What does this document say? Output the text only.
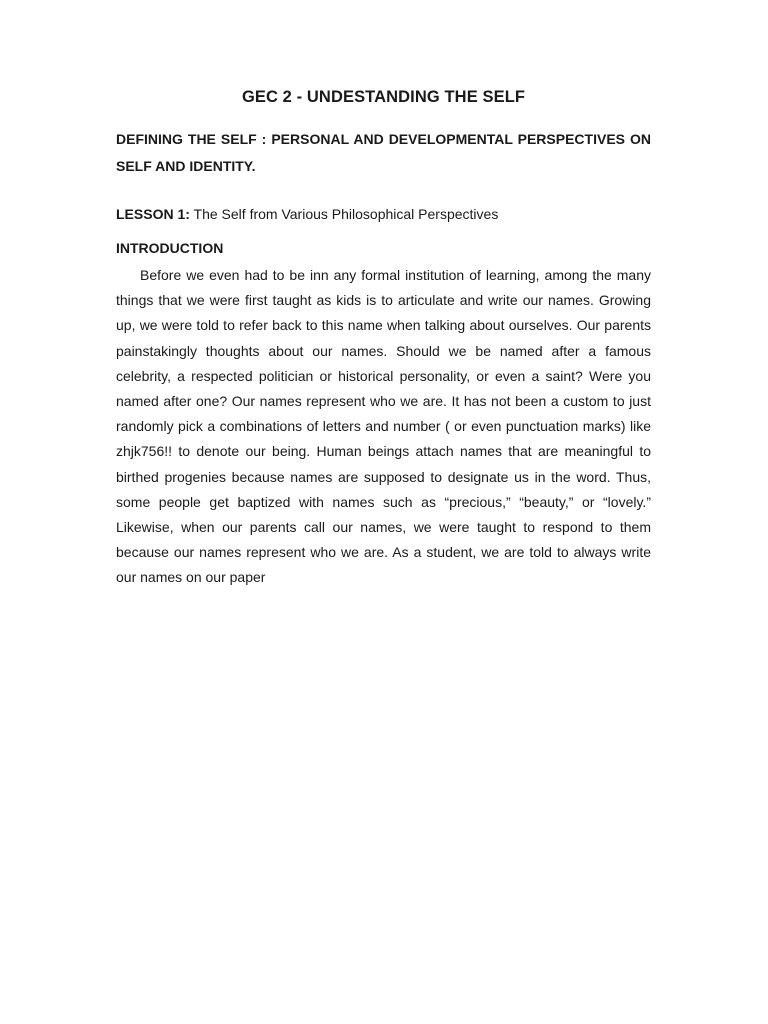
GEC 2 - UNDESTANDING THE SELF

DEFINING THE SELF : PERSONAL AND DEVELOPMENTAL PERSPECTIVES ON SELF AND IDENTITY.

LESSON 1: The Self from Various Philosophical Perspectives

INTRODUCTION

Before we even had to be inn any formal institution of learning, among the many things that we were first taught as kids is to articulate and write our names. Growing up, we were told to refer back to this name when talking about ourselves. Our parents painstakingly thoughts about our names. Should we be named after a famous celebrity, a respected politician or historical personality, or even a saint? Were you named after one? Our names represent who we are. It has not been a custom to just randomly pick a combinations of letters and number ( or even punctuation marks) like zhjk756!! to denote our being. Human beings attach names that are meaningful to birthed progenies because names are supposed to designate us in the word. Thus, some people get baptized with names such as “precious,” “beauty,” or “lovely.” Likewise, when our parents call our names, we were taught to respond to them because our names represent who we are. As a student, we are told to always write our names on our paper
